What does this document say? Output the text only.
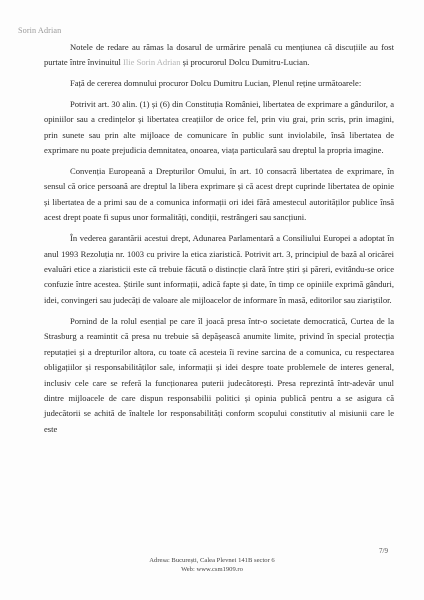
Sorin Adrian

Notele de redare au rămas la dosarul de urmărire penală cu mențiunea că discuțiile au fost purtate între învinuitul Ilie Sorin Adrian și procurorul Dolcu Dumitru-Lucian.

Față de cererea domnului procuror Dolcu Dumitru Lucian, Plenul reține următoarele:

Potrivit art. 30 alin. (1) și (6) din Constituția României, libertatea de exprimare a gândurilor, a opiniilor sau a credințelor și libertatea creațiilor de orice fel, prin viu grai, prin scris, prin imagini, prin sunete sau prin alte mijloace de comunicare în public sunt inviolabile, însă libertatea de exprimare nu poate prejudicia demnitatea, onoarea, viața particulară sau dreptul la propria imagine.

Convenția Europeană a Drepturilor Omului, în art. 10 consacră libertatea de exprimare, în sensul că orice persoană are dreptul la libera exprimare și că acest drept cuprinde libertatea de opinie și libertatea de a primi sau de a comunica informații ori idei fără amestecul autorităților publice însă acest drept poate fi supus unor formalități, condiții, restrângeri sau sancțiuni.

În vederea garantării acestui drept, Adunarea Parlamentară a Consiliului Europei a adoptat în anul 1993 Rezoluția nr. 1003 cu privire la etica ziaristică. Potrivit art. 3, principiul de bază al oricărei evaluări etice a ziaristicii este că trebuie făcută o distincție clară între știri și păreri, evitându-se orice confuzie între acestea. Știrile sunt informații, adică fapte și date, în timp ce opiniile exprimă gânduri, idei, convingeri sau judecăți de valoare ale mijloacelor de informare în masă, editorilor sau ziariștilor.

Pornind de la rolul esențial pe care îl joacă presa într-o societate democratică, Curtea de la Strasburg a reamintit că presa nu trebuie să depășească anumite limite, privind în special protecția reputației și a drepturilor altora, cu toate că acesteia îi revine sarcina de a comunica, cu respectarea obligațiilor și responsabilităților sale, informații și idei despre toate problemele de interes general, inclusiv cele care se referă la funcționarea puterii judecătorești. Presa reprezintă într-adevăr unul dintre mijloacele de care dispun responsabilii politici și opinia publică pentru a se asigura că judecătorii se achită de înaltele lor responsabilități conform scopului constitutiv al misiunii care le este

7/9
Adresa: București, Calea Plevnei 141B sector 6
Web: www.csm1909.ro
